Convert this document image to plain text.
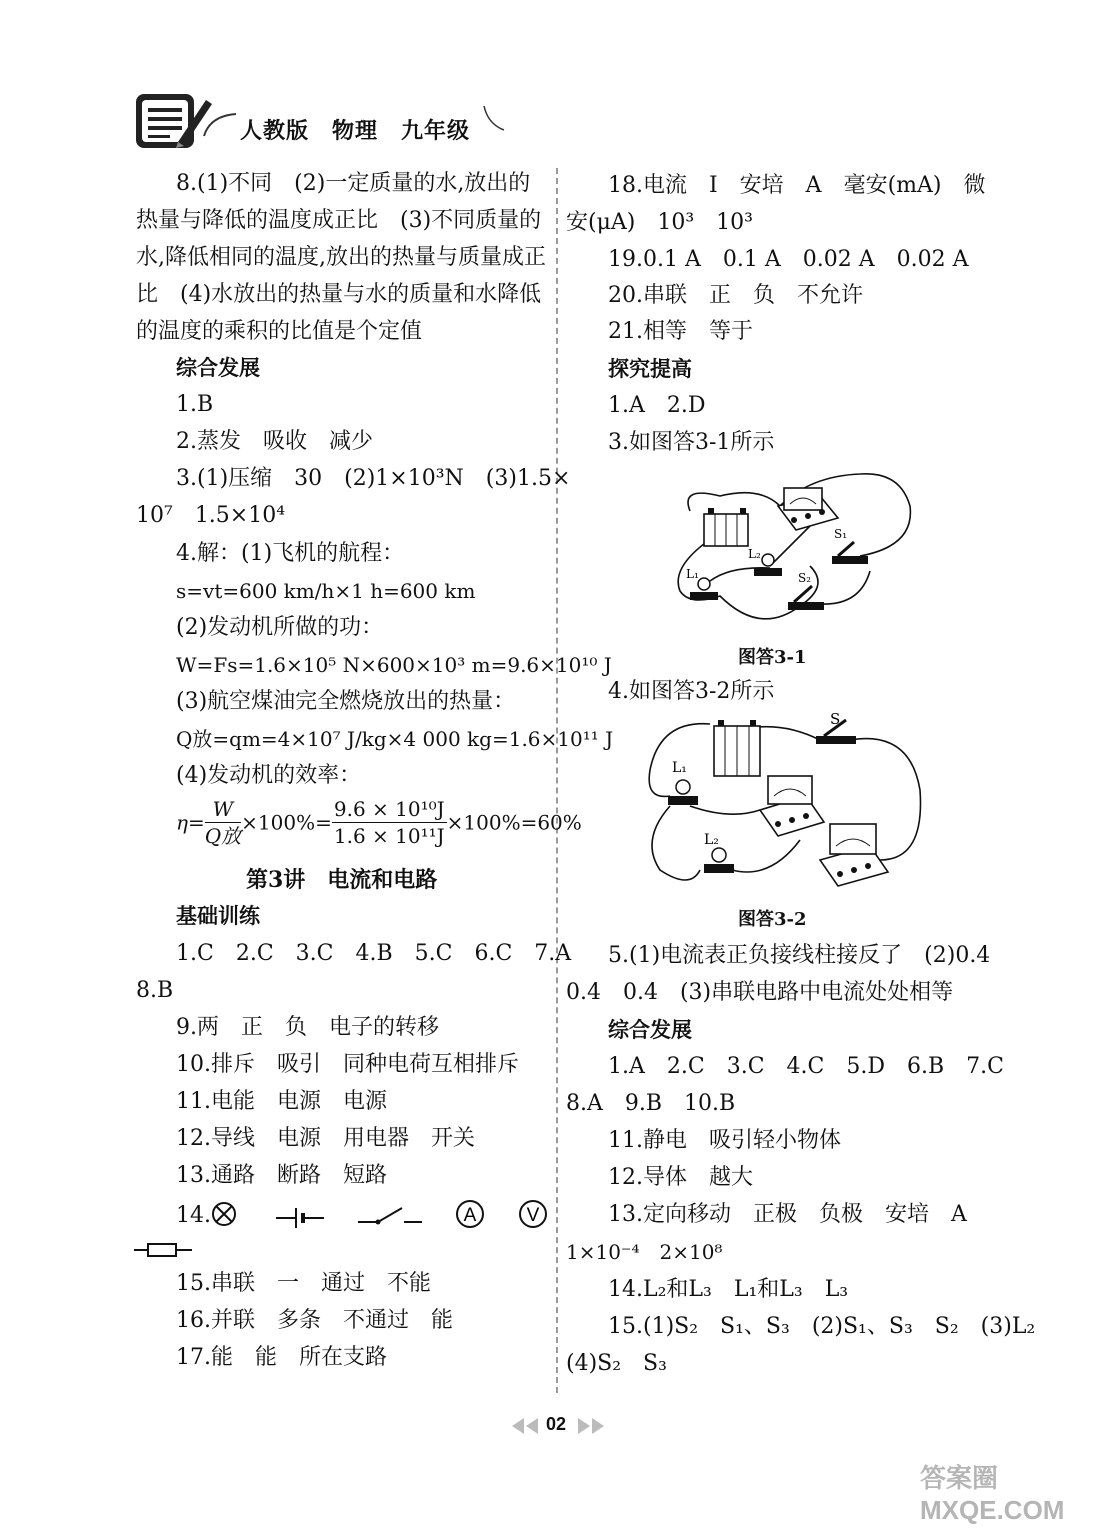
人教版　物理　九年级
8.(1)不同　(2)一定质量的水,放出的
热量与降低的温度成正比　(3)不同质量的
水,降低相同的温度,放出的热量与质量成正
比　(4)水放出的热量与水的质量和水降低
的温度的乘积的比值是个定值
综合发展
1.B
2.蒸发　吸收　减少
3.(1)压缩　30　(2)1×10³N　(3)1.5×
10⁷　1.5×10⁴
4.解：(1)飞机的航程：
s=vt=600 km/h×1 h=600 km
(2)发动机所做的功：
W=Fs=1.6×10⁵ N×600×10³ m=9.6×10¹⁰ J
(3)航空煤油完全燃烧放出的热量：
Q放=qm=4×10⁷ J/kg×4 000 kg=1.6×10¹¹ J
(4)发动机的效率：
$\eta= \frac{W}{\text{Q放}} \times 100\%= \frac{\text{9.6 × 10¹⁰J}}{\text{1.6 × 10¹¹J}} \times 100\%=60\%$
第3讲　电流和电路
基础训练
1.C　2.C　3.C　4.B　5.C　6.C　7.A
8.B
9.两　正　负　电子的转移
10.排斥　吸引　同种电荷互相排斥
11.电能　电源　电源
12.导线　电源　用电器　开关
13.通路　断路　短路
14.	A	V
15.串联　一　通过　不能
16.并联　多条　不通过　能
17.能　能　所在支路
18.电流　I　安培　A　毫安(mA)　微
安(μA)　10³　10³
19.0.1 A　0.1 A　0.02 A　0.02 A
20.串联　正　负　不允许
21.相等　等于
探究提高
1.A　2.D
3.如图答3-1所示
L₂
L₁
S₁
S₂
图答3-1
4.如图答3-2所示
S
L₁
L₂
图答3-2
5.(1)电流表正负接线柱接反了　(2)0.4
0.4　0.4　(3)串联电路中电流处处相等
综合发展
1.A　2.C　3.C　4.C　5.D　6.B　7.C
8.A　9.B　10.B
11.静电　吸引轻小物体
12.导体　越大
13.定向移动　正极　负极　安培　A
1×10⁻⁴　2×10⁸
14.L₂和L₃　L₁和L₃　L₃
15.(1)S₂　S₁、S₃　(2)S₁、S₃　S₂　(3)L₂
(4)S₂　S₃
02
答案圈 MXQE.COM
